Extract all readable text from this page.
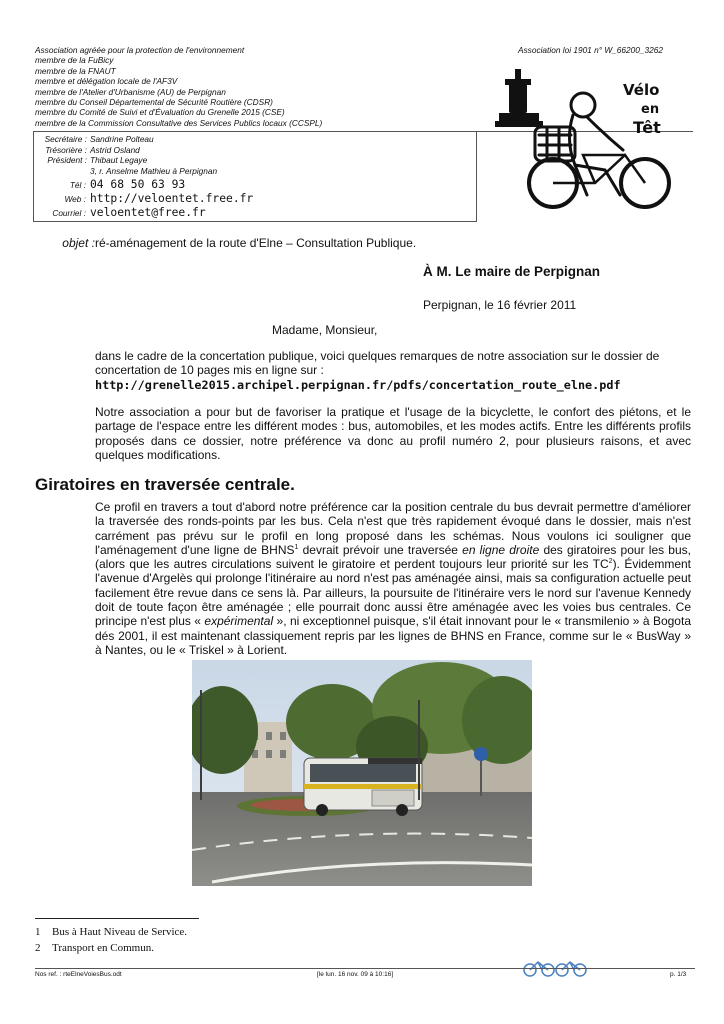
Association agréée pour la protection de l'environnement
membre de la FuBicy
membre de la FNAUT
membre et délégation locale de l'AF3V
membre de l'Atelier d'Urbanisme (AU) de Perpignan
membre du Conseil Départemental de Sécurité Routière (CDSR)
membre du Comité de Suivi et d'Évaluation du Grenelle 2015 (CSE)
membre de la Commission Consultative des Services Publics locaux (CCSPL)
Association loi 1901 n° W_66200_3262
Secrétaire : Sandrine Polteau
Trésorière : Astrid Osland
Président : Thibaut Legaye
3, r. Anselme Mathieu à Perpignan
Tél : 04 68 50 63 93
Web : http://veloentet.free.fr
Courriel : veloentet@free.fr
Vélo
en
Têt
objet : ré-aménagement de la route d'Elne – Consultation Publique.
À M. Le maire de Perpignan
Perpignan, le 16 février 2011
Madame, Monsieur,
dans le cadre de la concertation publique, voici quelques remarques de notre association sur le dossier de concertation de 10 pages mis en ligne sur :
http://grenelle2015.archipel.perpignan.fr/pdfs/concertation_route_elne.pdf
Notre association a pour but de favoriser la pratique et l'usage de la bicyclette, le confort des piétons, et le partage de l'espace entre les différent modes : bus, automobiles, et les modes actifs. Entre les différents profils proposés dans ce dossier, notre préférence va donc au profil numéro 2, pour plusieurs raisons, et avec quelques modifications.
Giratoires en traversée centrale.
Ce profil en travers a tout d'abord notre préférence car la position centrale du bus devrait permettre d'améliorer la traversée des ronds-points par les bus. Cela n'est que très rapidement évoqué dans le dossier, mais n'est carrément pas prévu sur le profil en long proposé dans les schémas. Nous voulons ici souligner que l'aménagement d'une ligne de BHNS$^1$ devrait prévoir une traversée en ligne droite des giratoires pour les bus, (alors que les autres circulations suivent le giratoire et perdent toujours leur priorité sur les $TC^2$). Évidemment l'avenue d'Argelès qui prolonge l'itinéraire au nord n'est pas aménagée ainsi, mais sa configuration actuelle peut facilement être revue dans ce sens là. Par ailleurs, la poursuite de l'itinéraire vers le nord sur l'avenue Kennedy doit de toute façon être aménagée ; elle pourrait donc aussi être aménagée avec les voies bus centrales. Ce principe n'est plus « expérimental », ni exceptionnel puisque, s'il était innovant pour le « transmilenio » à Bogota dés 2001, il est maintenant classiquement repris par les lignes de BHNS en France, comme sur le « BusWay » à Nantes, ou le « Triskel » à Lorient.
1 Bus à Haut Niveau de Service.
2 Transport en Commun.
Nos ref. : rteElneVoiesBus.odt	[le lun. 16 nov. 09 à 10:16]	p. 1/3
